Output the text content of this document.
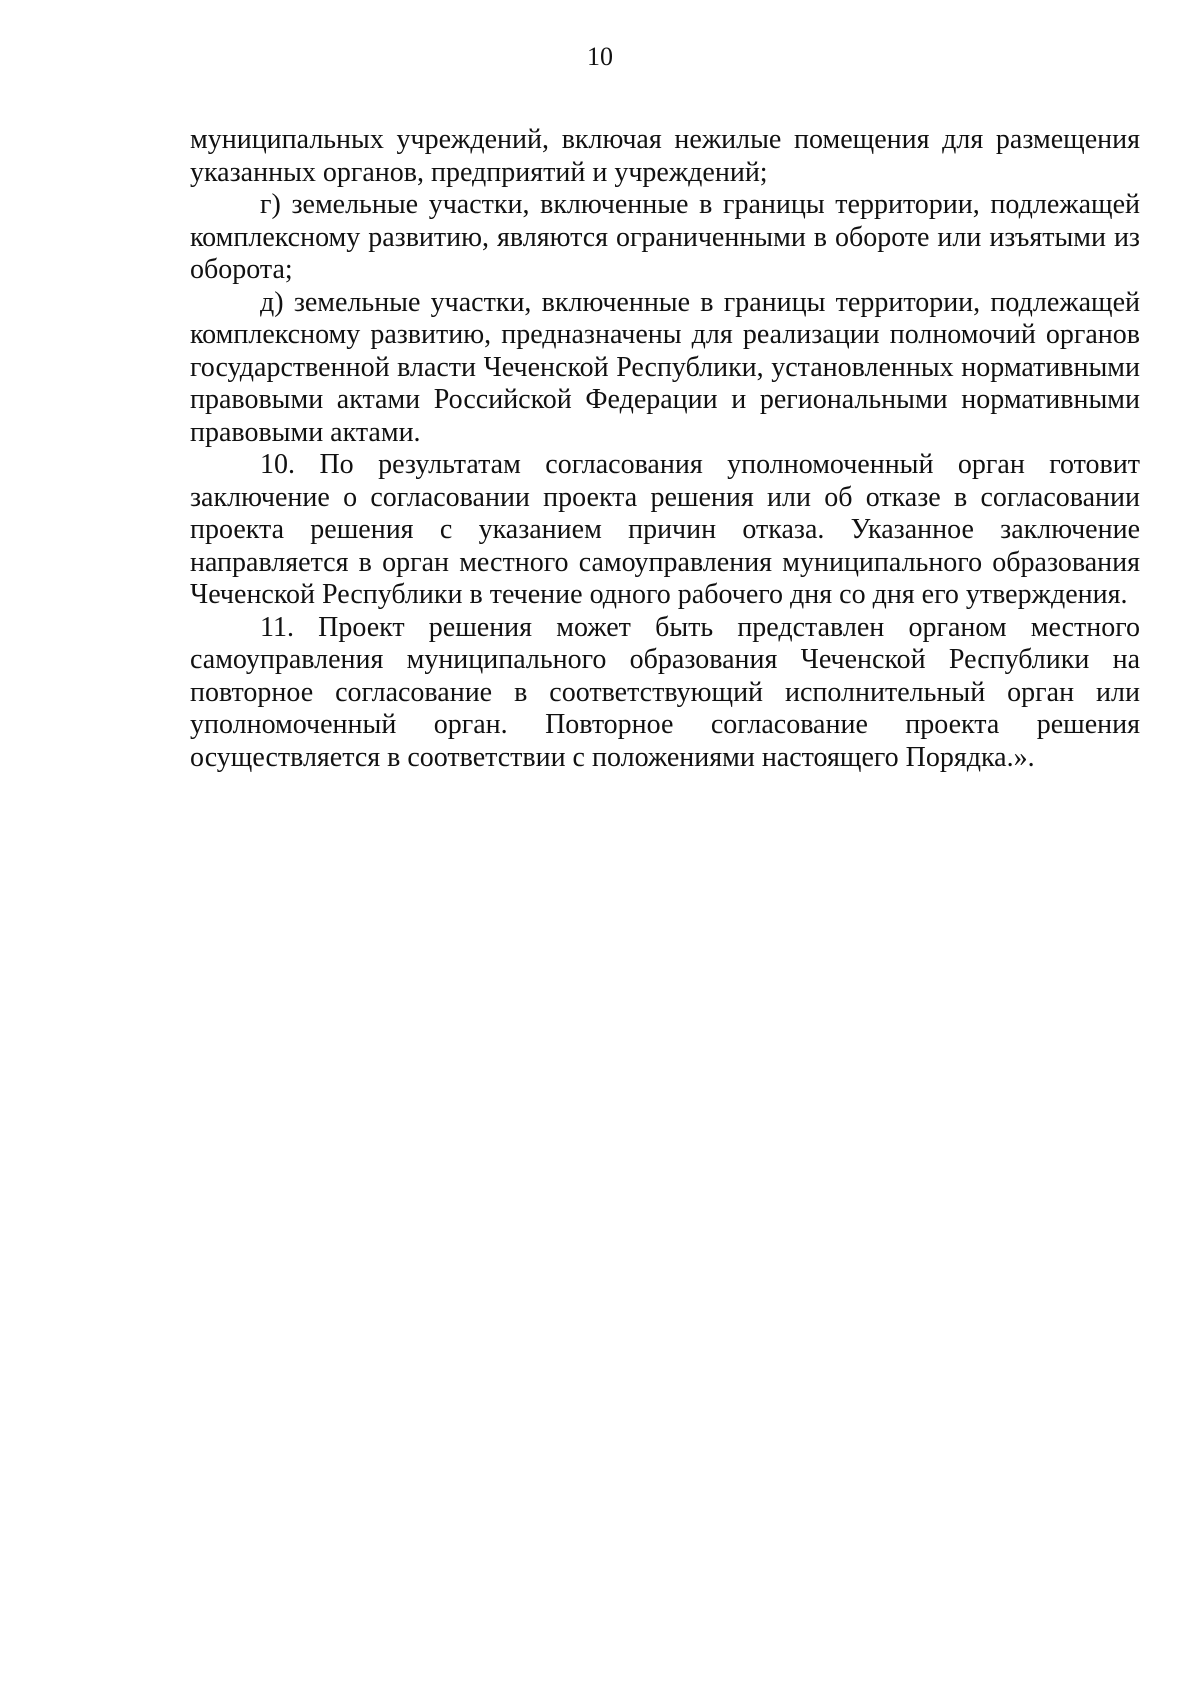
10

муниципальных учреждений, включая нежилые помещения для размещения указанных органов, предприятий и учреждений;

г) земельные участки, включенные в границы территории, подлежащей комплексному развитию, являются ограниченными в обороте или изъятыми из оборота;

д) земельные участки, включенные в границы территории, подлежащей комплексному развитию, предназначены для реализации полномочий органов государственной власти Чеченской Республики, установленных нормативными правовыми актами Российской Федерации и региональными нормативными правовыми актами.

10. По результатам согласования уполномоченный орган готовит заключение о согласовании проекта решения или об отказе в согласовании проекта решения с указанием причин отказа. Указанное заключение направляется в орган местного самоуправления муниципального образования Чеченской Республики в течение одного рабочего дня со дня его утверждения.

11. Проект решения может быть представлен органом местного самоуправления муниципального образования Чеченской Республики на повторное согласование в соответствующий исполнительный орган или уполномоченный орган. Повторное согласование проекта решения осуществляется в соответствии с положениями настоящего Порядка.».
